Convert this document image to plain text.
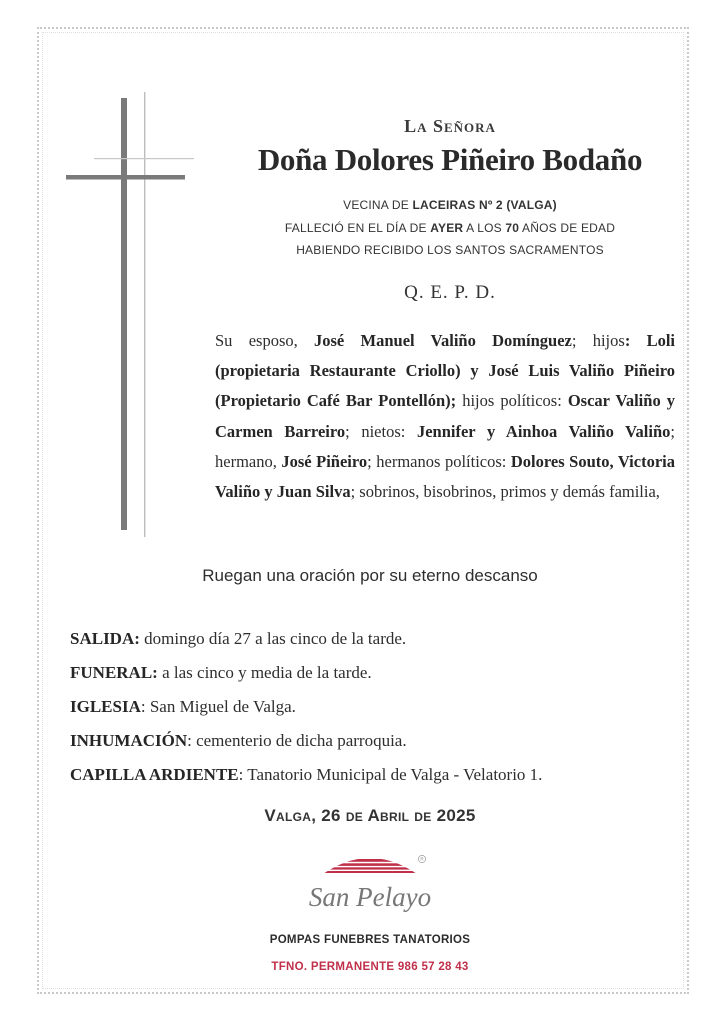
La Señora
Doña Dolores Piñeiro Bodaño
VECINA DE LACEIRAS Nº 2 (VALGA)
FALLECIÓ EN EL DÍA DE AYER A LOS 70 AÑOS DE EDAD
HABIENDO RECIBIDO LOS SANTOS SACRAMENTOS
Q. E. P. D.
Su esposo, José Manuel Valiño Domínguez; hijos: Loli (propietaria Restaurante Criollo) y José Luis Valiño Piñeiro (Propietario Café Bar Pontellón); hijos políticos: Oscar Valiño y Carmen Barreiro; nietos: Jennifer y Ainhoa Valiño Valiño; hermano, José Piñeiro; hermanos políticos: Dolores Souto, Victoria Valiño y Juan Silva; sobrinos, bisobrinos, primos y demás familia,
Ruegan una oración por su eterno descanso
SALIDA: domingo día 27 a las cinco de la tarde.
FUNERAL: a las cinco y media de la tarde.
IGLESIA: San Miguel de Valga.
INHUMACIÓN: cementerio de dicha parroquia.
CAPILLA ARDIENTE: Tanatorio Municipal de Valga - Velatorio 1.
Valga, 26 de Abril de 2025
R
San Pelayo
POMPAS FUNEBRES TANATORIOS
TFNO. PERMANENTE 986 57 28 43
